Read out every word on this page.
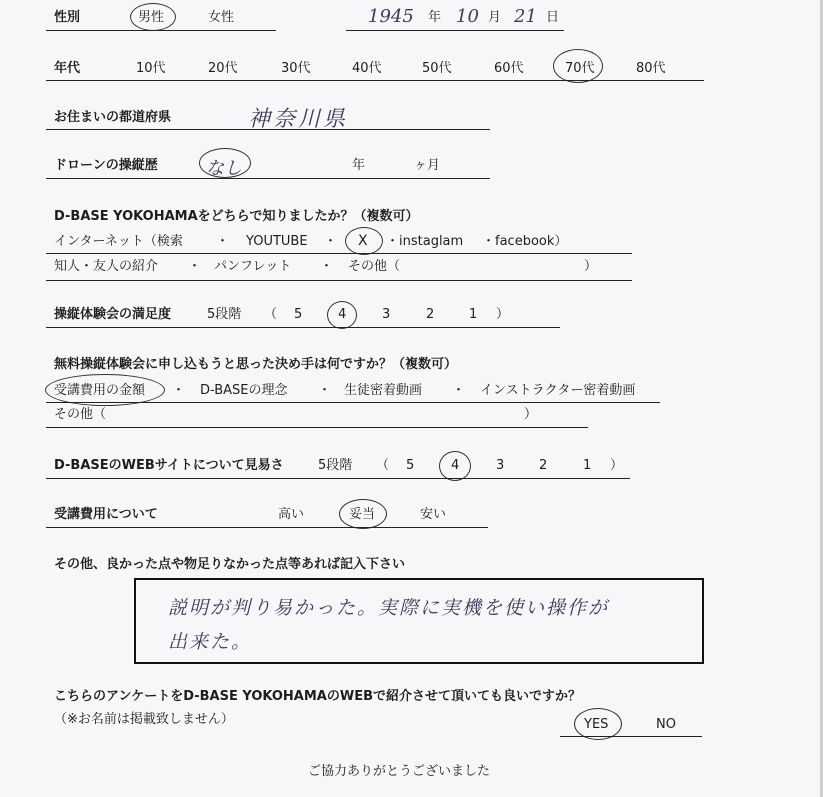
性別	男性	女性	1945 年 10 月 21 日
年代	10代	20代	30代	40代	50代	60代	70代	80代
お住まいの都道府県	神奈川県
ドローンの操縦歴	なし	年	ヶ月
D-BASE YOKOHAMAをどちらで知りましたか？（複数可）
インターネット（検索	・ YOUTUBE ・ X ・instaglam ・facebook）
知人・友人の紹介 ・ パンフレット ・ その他（	）
操縦体験会の満足度	5段階 （ 5	4	3	2	1 ）
無料操縦体験会に申し込もうと思った決め手は何ですか？（複数可）
受講費用の金額 ・ D-BASEの理念 ・ 生徒密着動画 ・ インストラクター密着動画
その他（	）
D-BASEのWEBサイトについて見易さ	5段階 （ 5	4	3	2	1 ）
受講費用について	高い	妥当	安い
その他、良かった点や物足りなかった点等あれば記入下さい
説明が判り易かった。実際に実機を使い操作が
出来た。
こちらのアンケートをD-BASE YOKOHAMAのWEBで紹介させて頂いても良いですか？
（※お名前は掲載致しません）	YES	NO
ご協力ありがとうございました
